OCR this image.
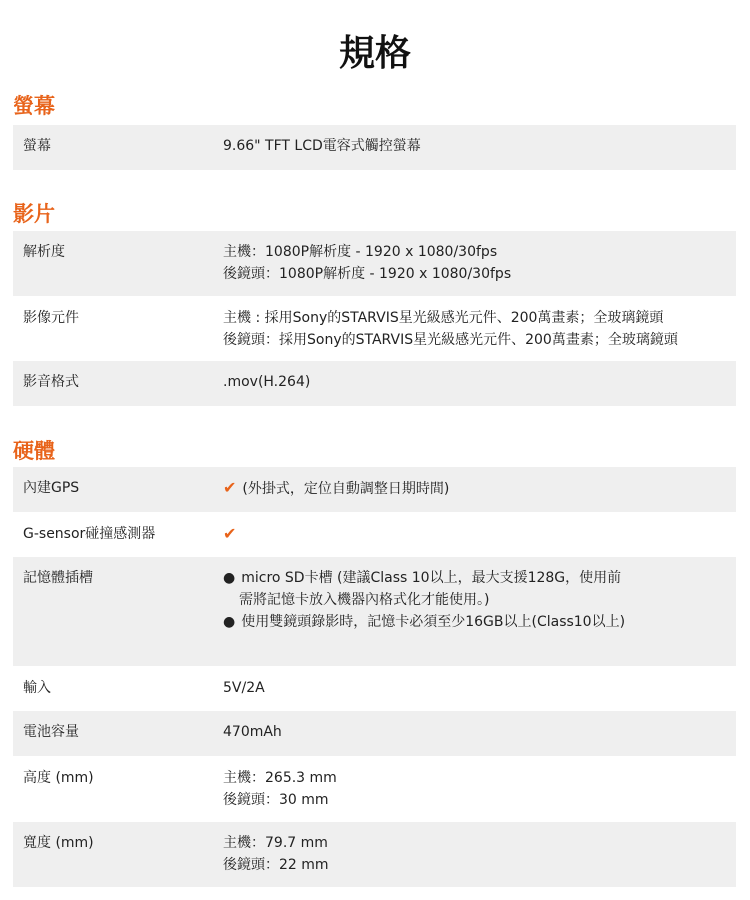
規格
螢幕
螢幕	9.66" TFT LCD電容式觸控螢幕
影片
解析度	主機：1080P解析度 - 1920 x 1080/30fps
後鏡頭：1080P解析度 - 1920 x 1080/30fps
影像元件	主機 : 採用Sony的STARVIS星光級感光元件、200萬畫素；全玻璃鏡頭
後鏡頭：採用Sony的STARVIS星光級感光元件、200萬畫素；全玻璃鏡頭
影音格式	.mov(H.264)
硬體
內建GPS	✔ (外掛式，定位自動調整日期時間)
G-sensor碰撞感測器	✔
記憶體插槽	● micro SD卡槽 (建議Class 10以上，最大支援128G，使用前
需將記憶卡放入機器內格式化才能使用。)
● 使用雙鏡頭錄影時，記憶卡必須至少16GB以上(Class10以上)
輸入	5V/2A
電池容量	470mAh
高度 (mm)	主機：265.3 mm
後鏡頭：30 mm
寬度 (mm)	主機：79.7 mm
後鏡頭：22 mm
